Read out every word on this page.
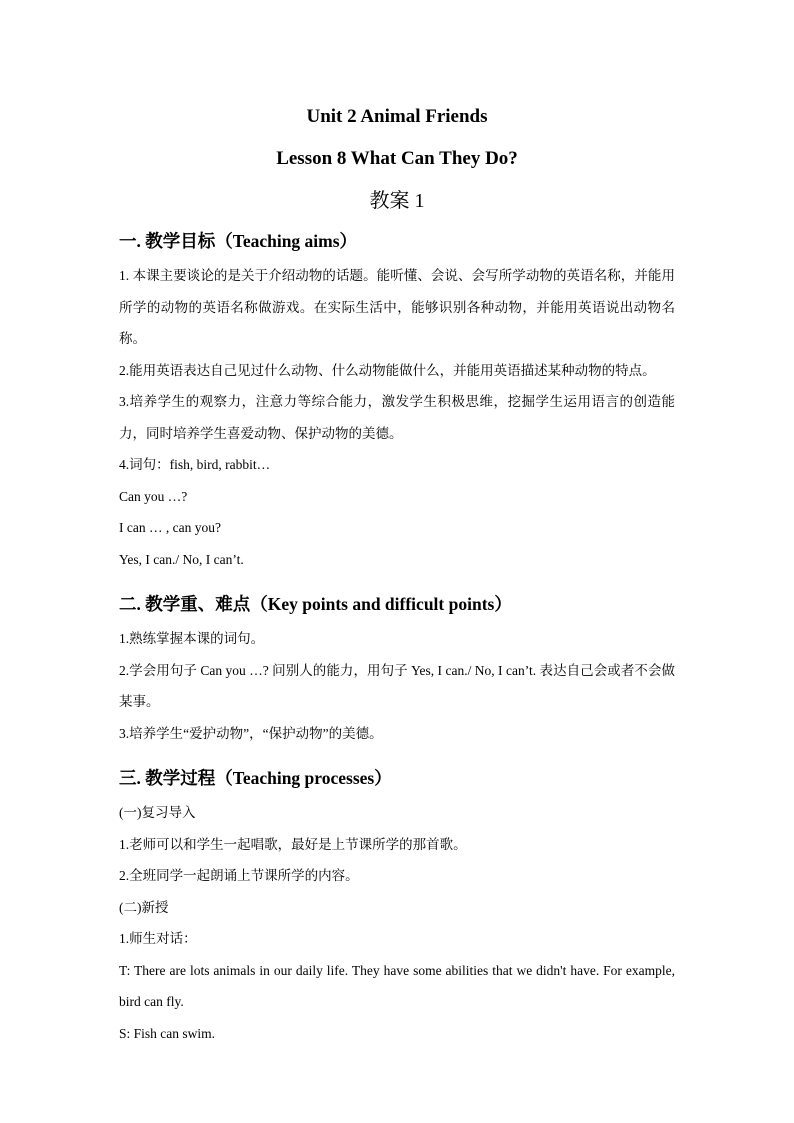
Unit 2 Animal Friends

Lesson 8 What Can They Do?

教案 1

一. 教学目标（Teaching aims）

1. 本课主要谈论的是关于介绍动物的话题。能听懂、会说、会写所学动物的英语名称，并能用所学的动物的英语名称做游戏。在实际生活中，能够识别各种动物，并能用英语说出动物名称。

2.能用英语表达自己见过什么动物、什么动物能做什么，并能用英语描述某种动物的特点。

3.培养学生的观察力，注意力等综合能力，激发学生积极思维，挖掘学生运用语言的创造能力，同时培养学生喜爱动物、保护动物的美德。

4.词句：fish, bird, rabbit…

Can you …?

I can … , can you?

Yes, I can./ No, I can’t.

二. 教学重、难点（Key points and difficult points）

1.熟练掌握本课的词句。

2.学会用句子 Can you …? 问别人的能力，用句子 Yes, I can./ No, I can’t. 表达自己会或者不会做某事。

3.培养学生“爱护动物”，“保护动物”的美德。

三. 教学过程（Teaching processes）

(一)复习导入

1.老师可以和学生一起唱歌，最好是上节课所学的那首歌。

2.全班同学一起朗诵上节课所学的内容。

(二)新授

1.师生对话：

T: There are lots animals in our daily life. They have some abilities that we didn't have. For example, bird can fly.

S: Fish can swim.
